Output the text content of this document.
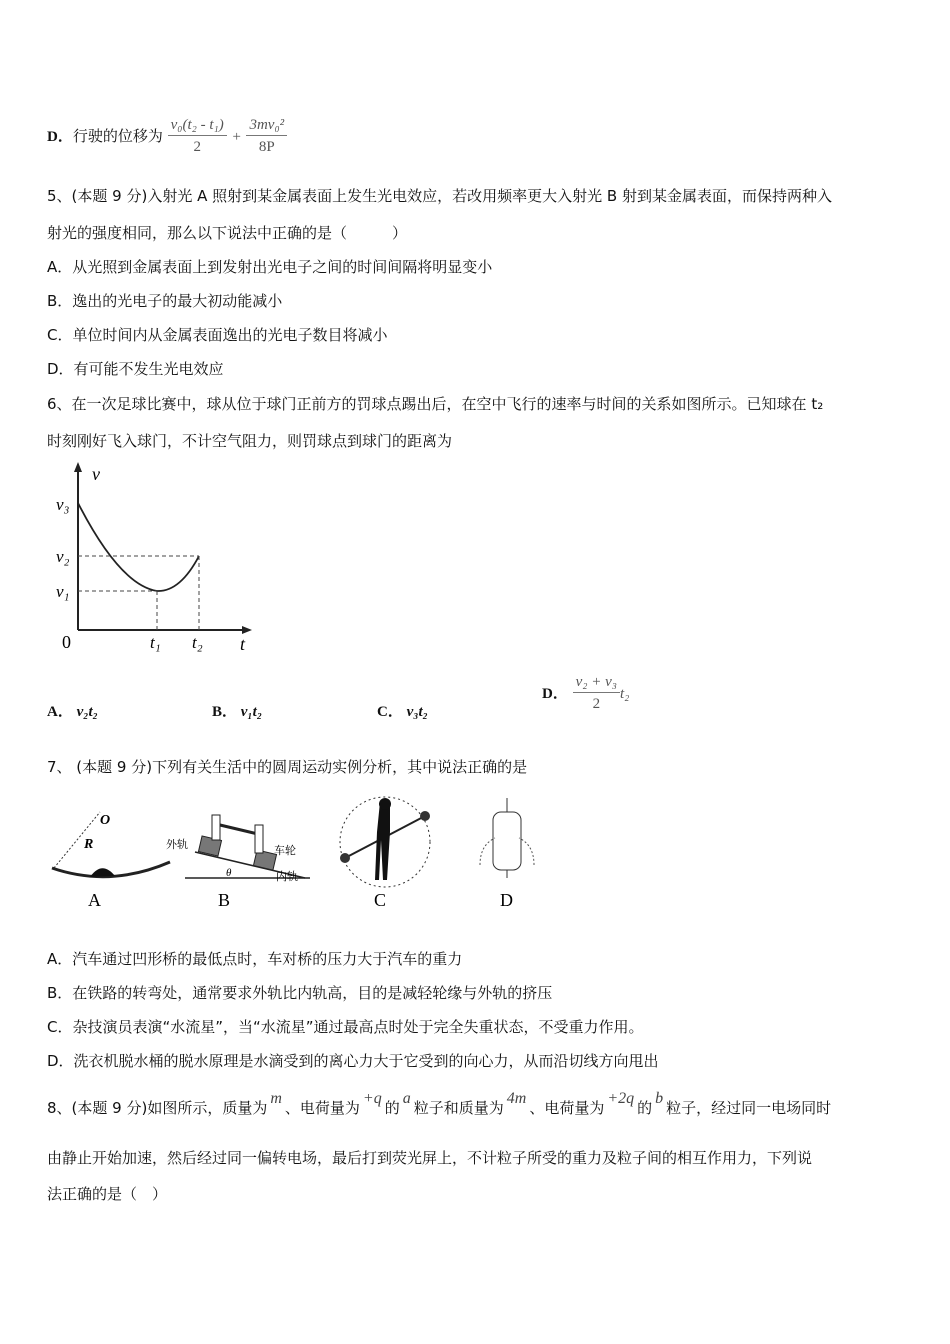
D．行驶的位移为 $\frac{\text{v₀(t₂ - t₁)}}{2} + \frac{\text{3mv₀²}}{8P}$
5、(本题 9 分)入射光 A 照射到某金属表面上发生光电效应，若改用频率更大入射光 B 射到某金属表面，而保持两种入
射光的强度相同，那么以下说法中正确的是（　　　）
A．从光照到金属表面上到发射出光电子之间的时间间隔将明显变小
B．逸出的光电子的最大初动能减小
C．单位时间内从金属表面逸出的光电子数目将减小
D．有可能不发生光电效应
6、在一次足球比赛中，球从位于球门正前方的罚球点踢出后，在空中飞行的速率与时间的关系如图所示。已知球在 t₂
时刻刚好飞入球门，不计空气阻力，则罚球点到球门的距离为
v
v₃
v₂
v₁
0	t₁ t₂ t
A． v₂t₂	B． v₁t₂	C． v₃t₂
D． $\frac{\text{v₂ + v₃}}{2} t_2$
7、 (本题 9 分)下列有关生活中的圆周运动实例分析，其中说法正确的是
O
R
A
外轨	车轮
内轨
θ
B	C	D
A．汽车通过凹形桥的最低点时，车对桥的压力大于汽车的重力
B．在铁路的转弯处，通常要求外轨比内轨高，目的是减轻轮缘与外轨的挤压
C．杂技演员表演“水流星”，当“水流星”通过最高点时处于完全失重状态，不受重力作用。
D．洗衣机脱水桶的脱水原理是水滴受到的离心力大于它受到的向心力，从而沿切线方向甩出
8、(本题 9 分)如图所示，质量为m、电荷量为+q的a粒子和质量为4m、电荷量为+2q的b粒子，经过同一电场同时
由静止开始加速，然后经过同一偏转电场，最后打到荧光屏上，不计粒子所受的重力及粒子间的相互作用力，下列说
法正确的是（　）
